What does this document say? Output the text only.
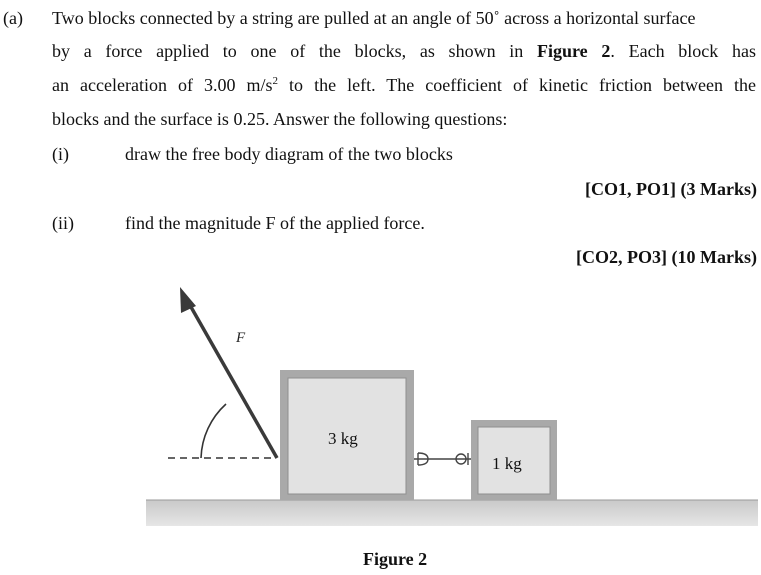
(a) Two blocks connected by a string are pulled at an angle of 50˚ across a horizontal surface
by a force applied to one of the blocks, as shown in Figure 2. Each block has
an acceleration of 3.00 $m/s^2$ to the left. The coefficient of kinetic friction between the
blocks and the surface is 0.25. Answer the following questions:
(i)	draw the free body diagram of the two blocks
[CO1, PO1] (3 Marks)
(ii)	find the magnitude F of the applied force.
[CO2, PO3] (10 Marks)
F
3 kg
1 kg
Figure 2
